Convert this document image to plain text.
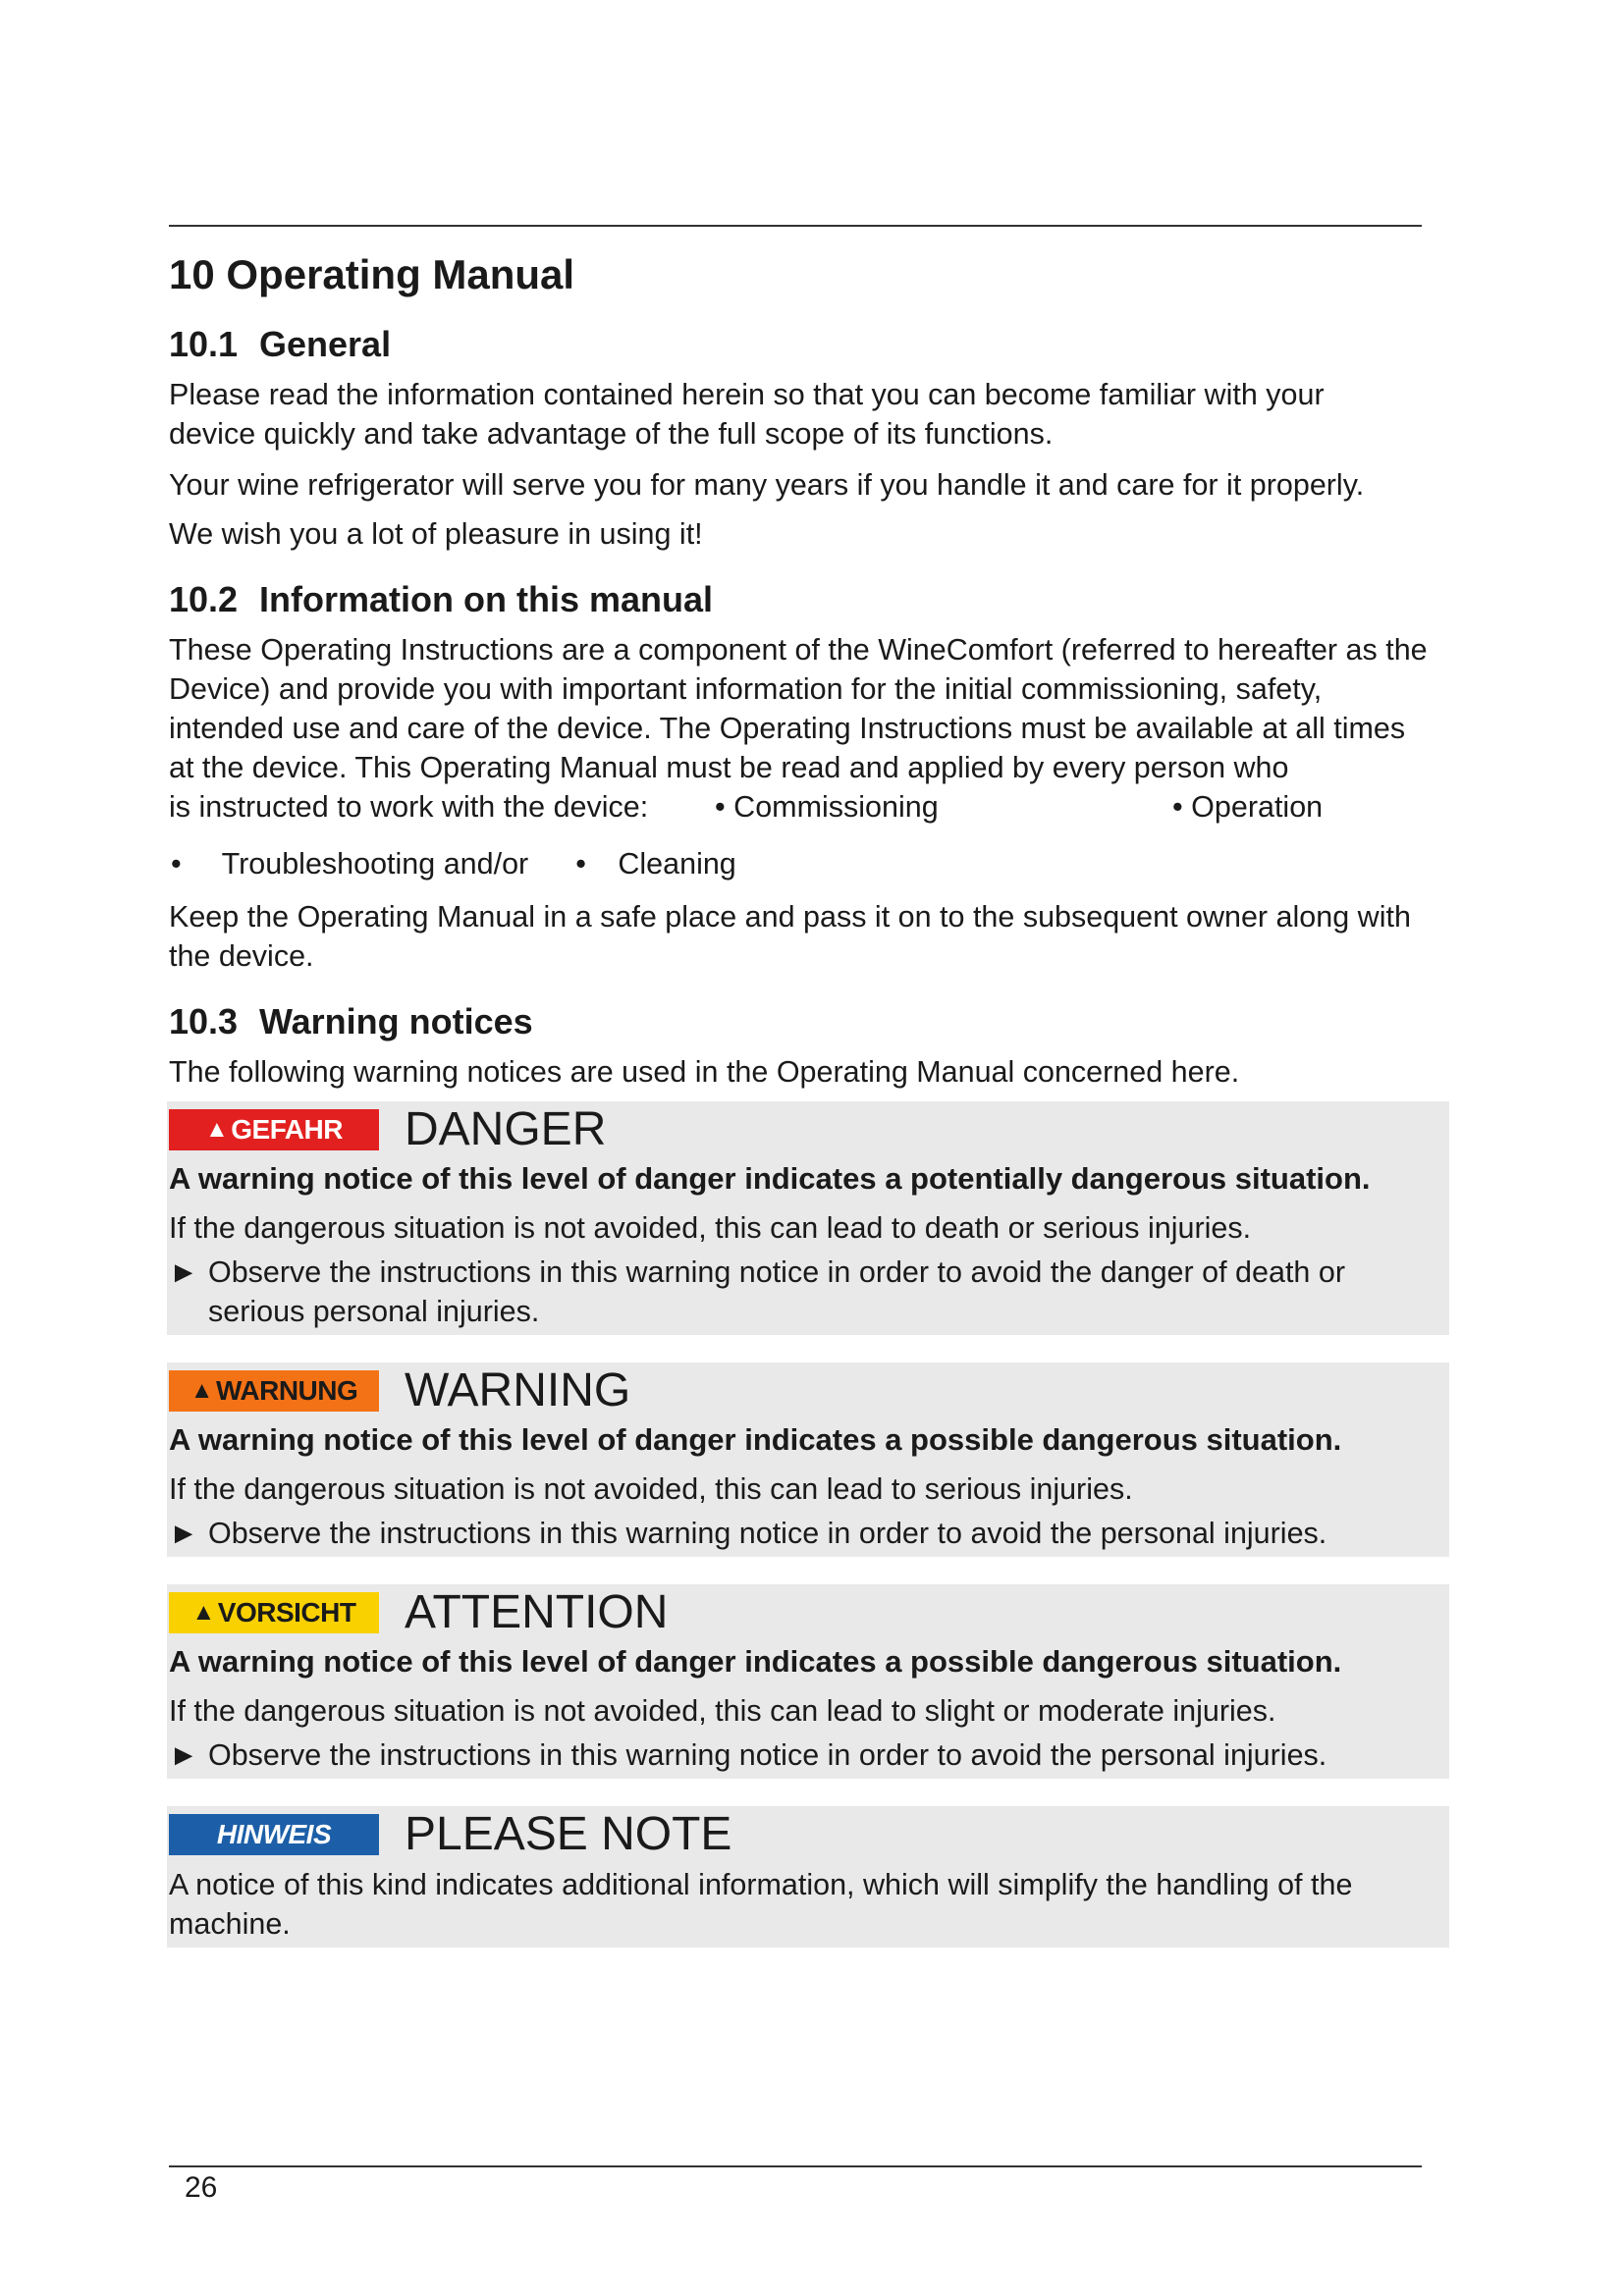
10 Operating Manual
10.1 General

Please read the information contained herein so that you can become familiar with your device quickly and take advantage of the full scope of its functions.

Your wine refrigerator will serve you for many years if you handle it and care for it properly.

We wish you a lot of pleasure in using it!

10.2 Information on this manual

These Operating Instructions are a component of the WineComfort (referred to hereafter as the Device) and provide you with important information for the initial commissioning, safety, intended use and care of the device. The Operating Instructions must be available at all times at the device. This Operating Manual must be read and applied by every person who

is instructed to work with the device:	• Commissioning	• Operation
• Troubleshooting and/or	• Cleaning

Keep the Operating Manual in a safe place and pass it on to the subsequent owner along with the device.

10.3 Warning notices

The following warning notices are used in the Operating Manual concerned here.

▲ GEFAHR DANGER
A warning notice of this level of danger indicates a potentially dangerous situation.
If the dangerous situation is not avoided, this can lead to death or serious injuries.
► Observe the instructions in this warning notice in order to avoid the danger of death or serious personal injuries.
▲ WARNUNG WARNING
A warning notice of this level of danger indicates a possible dangerous situation.
If the dangerous situation is not avoided, this can lead to serious injuries.
► Observe the instructions in this warning notice in order to avoid the personal injuries.
▲ VORSICHT ATTENTION
A warning notice of this level of danger indicates a possible dangerous situation.
If the dangerous situation is not avoided, this can lead to slight or moderate injuries.
► Observe the instructions in this warning notice in order to avoid the personal injuries.
HINWEIS	PLEASE NOTE

A notice of this kind indicates additional information, which will simplify the handling of the machine.

26
